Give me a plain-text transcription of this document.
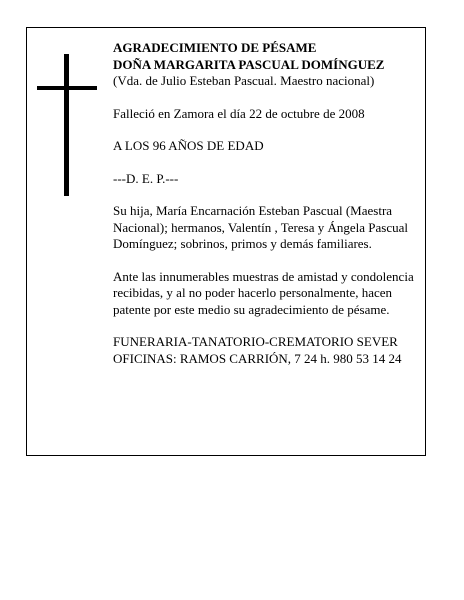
AGRADECIMIENTO DE PÉSAME
DOÑA MARGARITA PASCUAL DOMÍNGUEZ
(Vda. de Julio Esteban Pascual. Maestro nacional)
Falleció en Zamora el día 22 de octubre de 2008
A LOS 96 AÑOS DE EDAD
---D. E. P.---
Su hija, María Encarnación Esteban Pascual (Maestra Nacional); hermanos, Valentín , Teresa y Ángela Pascual Domínguez; sobrinos, primos y demás familiares.
Ante las innumerables muestras de amistad y condolencia recibidas, y al no poder hacerlo personalmente, hacen patente por este medio su agradecimiento de pésame.
FUNERARIA-TANATORIO-CREMATORIO SEVER
OFICINAS: RAMOS CARRIÓN, 7 24 h. 980 53 14 24
